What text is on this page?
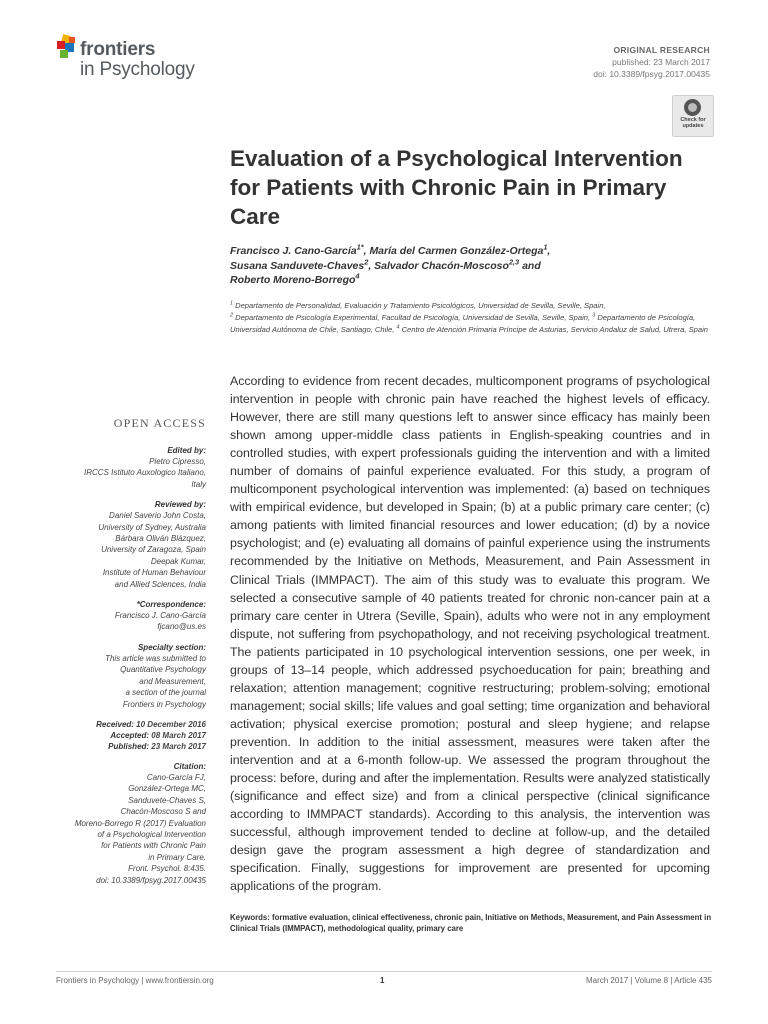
frontiers
in Psychology
ORIGINAL RESEARCH
published: 23 March 2017
doi: 10.3389/fpsyg.2017.00435
Check for
updates
Evaluation of a Psychological Intervention for Patients with Chronic Pain in Primary Care
Francisco J. Cano-García$^{1*}$, María del Carmen González-Ortega$^1$,
Susana Sanduvete-Chaves$^2$, Salvador Chacón-Moscoso$^{2,3}$ and
Roberto Moreno-Borrego$^4$
$^1$ Departamento de Personalidad, Evaluación y Tratamiento Psicológicos, Universidad de Sevilla, Seville, Spain,
$^2$ Departamento de Psicología Experimental, Facultad de Psicología, Universidad de Sevilla, Seville, Spain, $^3$ Departamento de Psicología, Universidad Autónoma de Chile, Santiago, Chile, $^4$ Centro de Atención Primaria Príncipe de Asturias, Servicio Andaluz de Salud, Utrera, Spain
OPEN ACCESS
Edited by:
Pietro Cipresso,
IRCCS Istituto Auxologico Italiano,
Italy
Reviewed by:
Daniel Saverio John Costa,
University of Sydney, Australia
Bárbara Oliván Blázquez,
University of Zaragoza, Spain
Deepak Kumar,
Institute of Human Behaviour
and Allied Sciences, India
*Correspondence:
Francisco J. Cano-García
fjcano@us.es
Specialty section:
This article was submitted to
Quantitative Psychology
and Measurement,
a section of the journal
Frontiers in Psychology
Received: 10 December 2016
Accepted: 08 March 2017
Published: 23 March 2017
Citation:
Cano-García FJ,
González-Ortega MC,
Sanduvete-Chaves S,
Chacón-Moscoso S and
Moreno-Borrego R (2017) Evaluation
of a Psychological Intervention
for Patients with Chronic Pain
in Primary Care.
Front. Psychol. 8:435.
doi: 10.3389/fpsyg.2017.00435
According to evidence from recent decades, multicomponent programs of psychological intervention in people with chronic pain have reached the highest levels of efficacy. However, there are still many questions left to answer since efficacy has mainly been shown among upper-middle class patients in English-speaking countries and in controlled studies, with expert professionals guiding the intervention and with a limited number of domains of painful experience evaluated. For this study, a program of multicomponent psychological intervention was implemented: (a) based on techniques with empirical evidence, but developed in Spain; (b) at a public primary care center; (c) among patients with limited financial resources and lower education; (d) by a novice psychologist; and (e) evaluating all domains of painful experience using the instruments recommended by the Initiative on Methods, Measurement, and Pain Assessment in Clinical Trials (IMMPACT). The aim of this study was to evaluate this program. We selected a consecutive sample of 40 patients treated for chronic non-cancer pain at a primary care center in Utrera (Seville, Spain), adults who were not in any employment dispute, not suffering from psychopathology, and not receiving psychological treatment. The patients participated in 10 psychological intervention sessions, one per week, in groups of 13–14 people, which addressed psychoeducation for pain; breathing and relaxation; attention management; cognitive restructuring; problem-solving; emotional management; social skills; life values and goal setting; time organization and behavioral activation; physical exercise promotion; postural and sleep hygiene; and relapse prevention. In addition to the initial assessment, measures were taken after the intervention and at a 6-month follow-up. We assessed the program throughout the process: before, during and after the implementation. Results were analyzed statistically (significance and effect size) and from a clinical perspective (clinical significance according to IMMPACT standards). According to this analysis, the intervention was successful, although improvement tended to decline at follow-up, and the detailed design gave the program assessment a high degree of standardization and specification. Finally, suggestions for improvement are presented for upcoming applications of the program.
Keywords: formative evaluation, clinical effectiveness, chronic pain, Initiative on Methods, Measurement, and Pain Assessment in Clinical Trials (IMMPACT), methodological quality, primary care
Frontiers in Psychology | www.frontiersin.org	1	March 2017 | Volume 8 | Article 435
